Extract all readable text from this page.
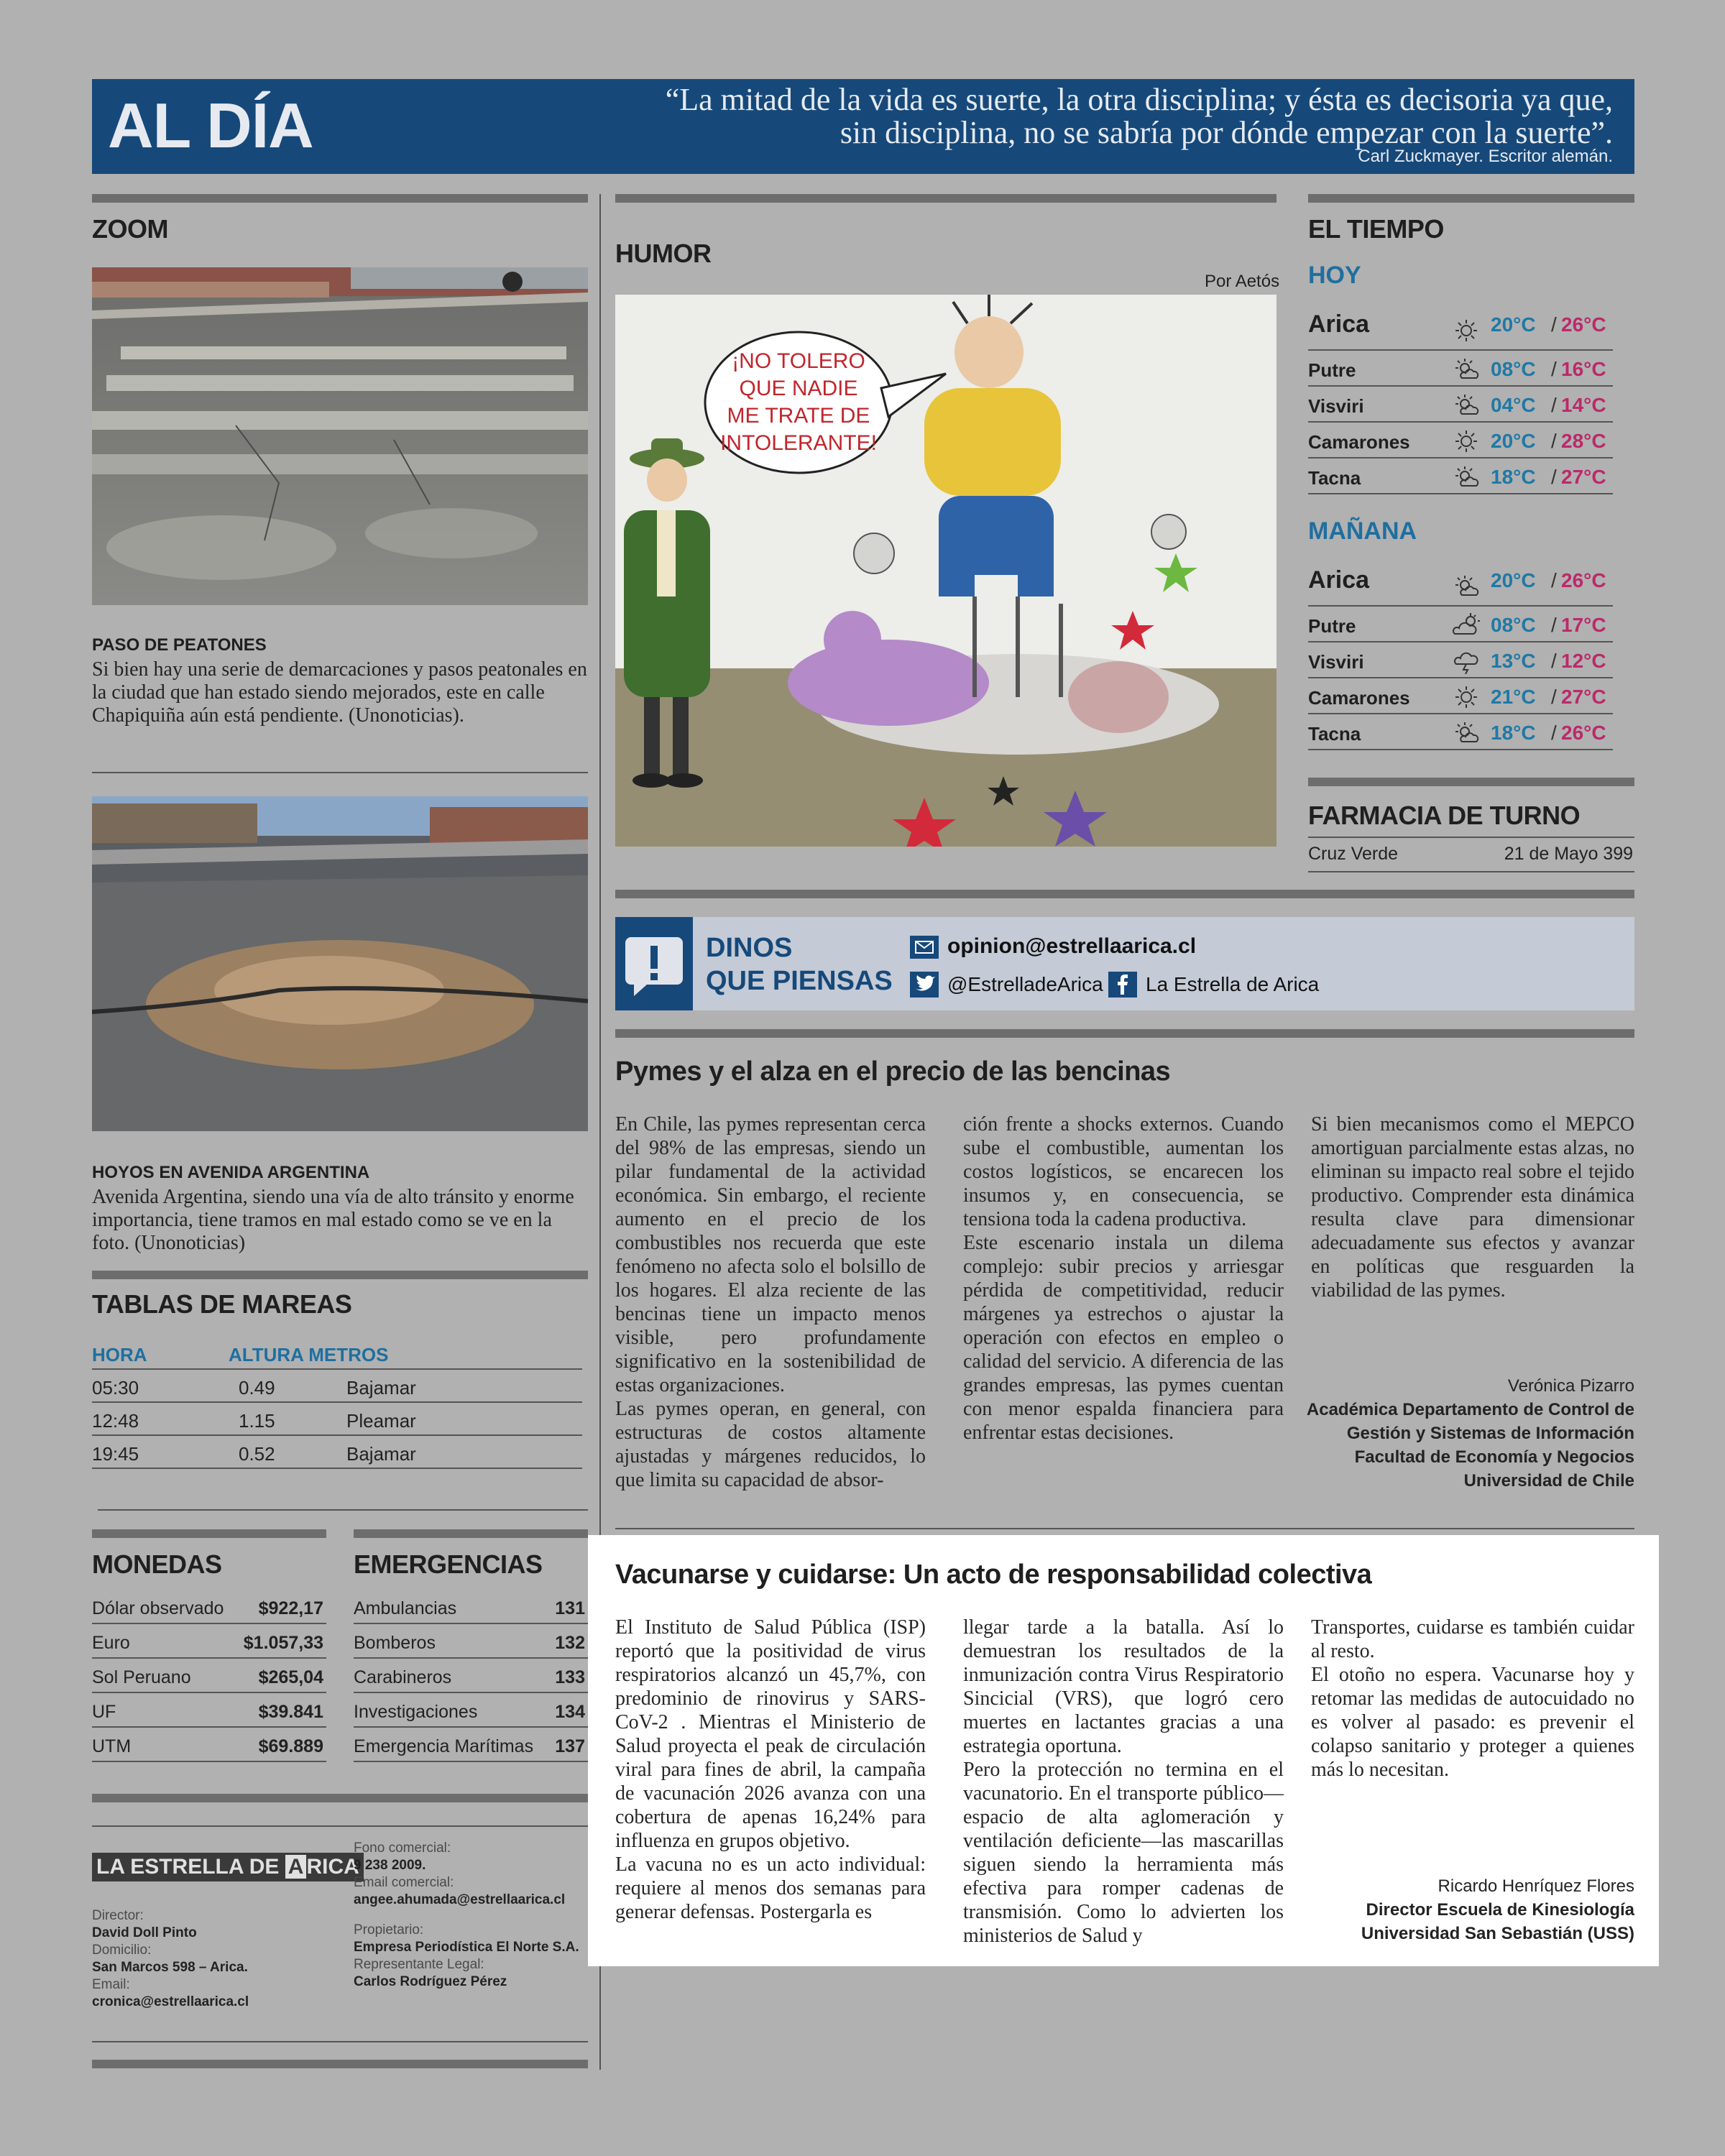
AL DÍA	“La mitad de la vida es suerte, la otra disciplina; y ésta es decisoria ya que,
sin disciplina, no se sabría por dónde empezar con la suerte”.
Carl Zuckmayer. Escritor alemán.
ZOOM
PASO DE PEATONES
Si bien hay una serie de demarcaciones y pasos peatonales en la ciudad que han estado siendo mejorados, este en calle Chapiquiña aún está pendiente. (Unonoticias).
HOYOS EN AVENIDA ARGENTINA
Avenida Argentina, siendo una vía de alto tránsito y enorme importancia, tiene tramos en mal estado como se ve en la foto. (Unonoticias)
TABLAS DE MAREAS
HORA	ALTURA METROS
05:30	0.49	Bajamar
12:48	1.15	Pleamar
19:45	0.52	Bajamar
MONEDAS
Dólar observado $922,17
Euro	$1.057,33
Sol Peruano	$265,04
UF	$39.841
UTM	$69.889
EMERGENCIAS
Ambulancias	131
Bomberos	132
Carabineros	133
Investigaciones	134
Emergencia Marítimas 137
LA ESTRELLA DE A RICA
Director:
David Doll Pinto
Domicilio:
San Marcos 598 – Arica.
Email:
cronica@estrellaarica.cl
Fono comercial:
9 238 2009.
Email comercial:
angee.ahumada@estrellaarica.cl
Propietario:
Empresa Periodística El Norte S.A.
Representante Legal:
Carlos Rodríguez Pérez
HUMOR
Por Aetós
¡NO TOLERO
QUE NADIE
ME TRATE DE
INTOLERANTE!
EL TIEMPO
HOY
Arica	20°C / 26°C
Putre	08°C / 16°C
Visviri	04°C / 14°C
Camarones	20°C / 28°C
Tacna	18°C / 27°C
MAÑANA
Arica	20°C / 26°C
Putre	08°C / 17°C
Visviri	13°C / 12°C
Camarones	21°C / 27°C
Tacna	18°C / 26°C
FARMACIA DE TURNO
Cruz Verde	21 de Mayo 399
DINOS
QUE PIENSAS
opinion@estrellaarica.cl
@EstrelladeArica La Estrella de Arica
Pymes y el alza en el precio de las bencinas
En Chile, las pymes representan cerca del 98% de las empresas, siendo un pilar fundamental de la actividad económica. Sin embargo, el reciente aumento en el precio de los combustibles nos recuerda que este fenómeno no afecta solo el bolsillo de los hogares. El alza reciente de las bencinas tiene un impacto menos visible, pero profundamente significativo en la sostenibilidad de estas organizaciones.
Las pymes operan, en general, con estructuras de costos altamente ajustadas y márgenes reducidos, lo que limita su capacidad de absor-
ción frente a shocks externos. Cuando sube el combustible, aumentan los costos logísticos, se encarecen los insumos y, en consecuencia, se tensiona toda la cadena productiva.
Este escenario instala un dilema complejo: subir precios y arriesgar pérdida de competitividad, reducir márgenes ya estrechos o ajustar la operación con efectos en empleo o calidad del servicio. A diferencia de las grandes empresas, las pymes cuentan con menor espalda financiera para enfrentar estas decisiones.
Si bien mecanismos como el MEPCO amortiguan parcialmente estas alzas, no eliminan su impacto real sobre el tejido productivo. Comprender esta dinámica resulta clave para dimensionar adecuadamente sus efectos y avanzar en políticas que resguarden la viabilidad de las pymes.
Verónica Pizarro
Académica Departamento de Control de
Gestión y Sistemas de Información
Facultad de Economía y Negocios
Universidad de Chile
Vacunarse y cuidarse: Un acto de responsabilidad colectiva
El Instituto de Salud Pública (ISP) reportó que la positividad de virus respiratorios alcanzó un 45,7%, con predominio de rinovirus y SARS-CoV-2 . Mientras el Ministerio de Salud proyecta el peak de circulación viral para fines de abril, la campaña de vacunación 2026 avanza con una cobertura de apenas 16,24% para influenza en grupos objetivo.
La vacuna no es un acto individual: requiere al menos dos semanas para generar defensas. Postergarla es
llegar tarde a la batalla. Así lo demuestran los resultados de la inmunización contra Virus Respiratorio Sincicial (VRS), que logró cero muertes en lactantes gracias a una estrategia oportuna.
Pero la protección no termina en el vacunatorio. En el transporte público—espacio de alta aglomeración y ventilación deficiente—las mascarillas siguen siendo la herramienta más efectiva para romper cadenas de transmisión. Como lo advierten los ministerios de Salud y
Transportes, cuidarse es también cuidar al resto.
El otoño no espera. Vacunarse hoy y retomar las medidas de autocuidado no es volver al pasado: es prevenir el colapso sanitario y proteger a quienes más lo necesitan.
Ricardo Henríquez Flores
Director Escuela de Kinesiología
Universidad San Sebastián (USS)
